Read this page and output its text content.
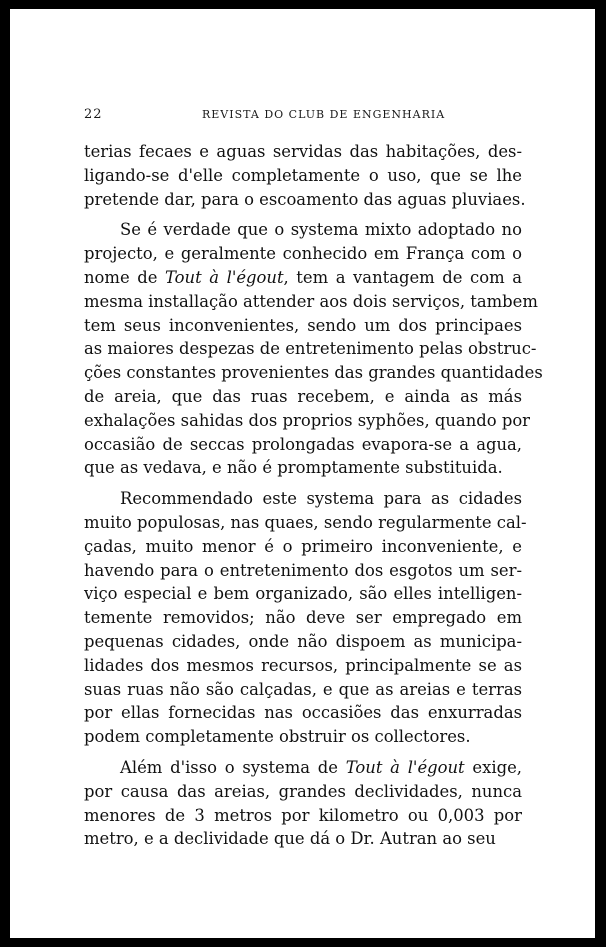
22	REVISTA DO CLUB DE ENGENHARIA
terias fecaes e aguas servidas das habitações, des-
ligando-se d'elle completamente o uso, que se lhe
pretende dar, para o escoamento das aguas pluviaes.
Se é verdade que o systema mixto adoptado no
projecto, e geralmente conhecido em França com o
nome de Tout à l'égout, tem a vantagem de com a
mesma installação attender aos dois serviços, tambem
tem seus inconvenientes, sendo um dos principaes
as maiores despezas de entretenimento pelas obstruc-
ções constantes provenientes das grandes quantidades
de areia, que das ruas recebem, e ainda as más
exhalações sahidas dos proprios syphões, quando por
occasião de seccas prolongadas evapora-se a agua,
que as vedava, e não é promptamente substituida.
Recommendado este systema para as cidades
muito populosas, nas quaes, sendo regularmente cal-
çadas, muito menor é o primeiro inconveniente, e
havendo para o entretenimento dos esgotos um ser-
viço especial e bem organizado, são elles intelligen-
temente removidos; não deve ser empregado em
pequenas cidades, onde não dispoem as municipa-
lidades dos mesmos recursos, principalmente se as
suas ruas não são calçadas, e que as areias e terras
por ellas fornecidas nas occasiões das enxurradas
podem completamente obstruir os collectores.
Além d'isso o systema de Tout à l'égout exige,
por causa das areias, grandes declividades, nunca
menores de 3 metros por kilometro ou 0,003 por
metro, e a declividade que dá o Dr. Autran ao seu
